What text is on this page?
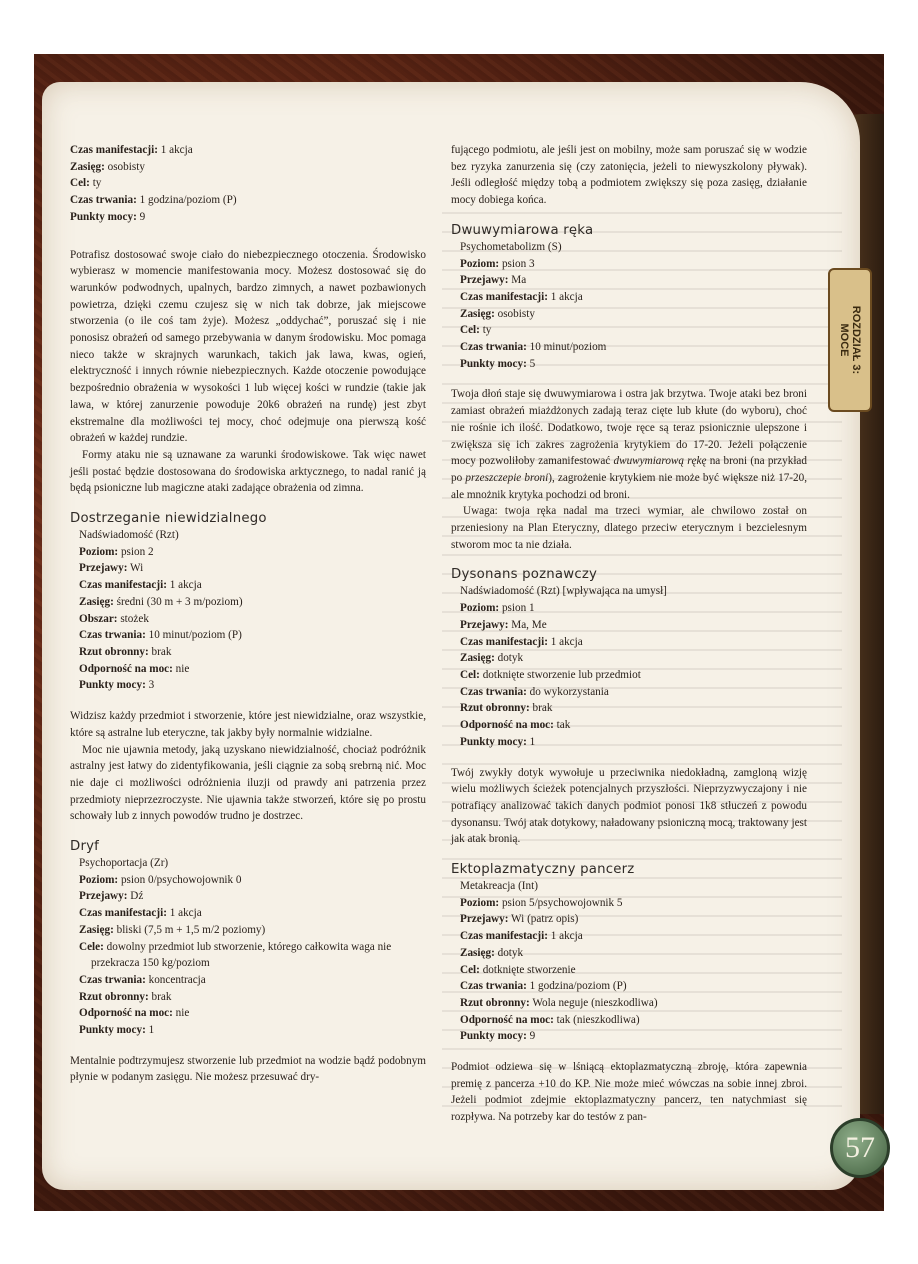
ROZDZIAŁ 3:
MOCE
57
Czas manifestacji: 1 akcja
Zasięg: osobisty
Cel: ty
Czas trwania: 1 godzina/poziom (P)
Punkty mocy: 9

Potrafisz dostosować swoje ciało do niebezpiecznego otoczenia. Środowisko wybierasz w momencie manifestowania mocy. Możesz dostosować się do warunków podwodnych, upalnych, bardzo zimnych, a nawet pozbawionych powietrza, dzięki czemu czujesz się w nich tak dobrze, jak miejscowe stworzenia (o ile coś tam żyje). Możesz „oddychać”, poruszać się i nie ponosisz obrażeń od samego przebywania w danym środowisku. Moc pomaga nieco także w skrajnych warunkach, takich jak lawa, kwas, ogień, elektryczność i innych równie niebezpiecznych. Każde otoczenie powodujące bezpośrednio obrażenia w wysokości 1 lub więcej kości w rundzie (takie jak lawa, w której zanurzenie powoduje 20k6 obrażeń na rundę) jest zbyt ekstremalne dla możliwości tej mocy, choć odejmuje ona pierwszą kość obrażeń w każdej rundzie.

Formy ataku nie są uznawane za warunki środowiskowe. Tak więc nawet jeśli postać będzie dostosowana do środowiska arktycznego, to nadal ranić ją będą psioniczne lub magiczne ataki zadające obrażenia od zimna.

Dostrzeganie niewidzialnego
Nadświadomość (Rzt)
Poziom: psion 2
Przejawy: Wi
Czas manifestacji: 1 akcja
Zasięg: średni (30 m + 3 m/poziom)
Obszar: stożek
Czas trwania: 10 minut/poziom (P)
Rzut obronny: brak
Odporność na moc: nie
Punkty mocy: 3

Widzisz każdy przedmiot i stworzenie, które jest niewidzialne, oraz wszystkie, które są astralne lub eteryczne, tak jakby były normalnie widzialne.

Moc nie ujawnia metody, jaką uzyskano niewidzialność, chociaż podróżnik astralny jest łatwy do zidentyfikowania, jeśli ciągnie za sobą srebrną nić. Moc nie daje ci możliwości odróżnienia iluzji od prawdy ani patrzenia przez przedmioty nieprzezroczyste. Nie ujawnia także stworzeń, które się po prostu schowały lub z innych powodów trudno je dostrzec.

Dryf
Psychoportacja (Zr)
Poziom: psion 0/psychowojownik 0
Przejawy: Dź
Czas manifestacji: 1 akcja
Zasięg: bliski (7,5 m + 1,5 m/2 poziomy)
Cele: dowolny przedmiot lub stworzenie, którego całkowita waga nie przekracza 150 kg/poziom
Czas trwania: koncentracja
Rzut obronny: brak
Odporność na moc: nie
Punkty mocy: 1

Mentalnie podtrzymujesz stworzenie lub przedmiot na wodzie bądź podobnym płynie w podanym zasięgu. Nie możesz przesuwać dry-

fującego podmiotu, ale jeśli jest on mobilny, może sam poruszać się w wodzie bez ryzyka zanurzenia się (czy zatonięcia, jeżeli to niewyszkolony pływak). Jeśli odległość między tobą a podmiotem zwiększy się poza zasięg, działanie mocy dobiega końca.

Dwuwymiarowa ręka
Psychometabolizm (S)
Poziom: psion 3
Przejawy: Ma
Czas manifestacji: 1 akcja
Zasięg: osobisty
Cel: ty
Czas trwania: 10 minut/poziom
Punkty mocy: 5

Twoja dłoń staje się dwuwymiarowa i ostra jak brzytwa. Twoje ataki bez broni zamiast obrażeń miażdżonych zadają teraz cięte lub kłute (do wyboru), choć nie rośnie ich ilość. Dodatkowo, twoje ręce są teraz psionicznie ulepszone i zwiększa się ich zakres zagrożenia krytykiem do 17-20. Jeżeli połączenie mocy pozwoliłoby zamanifestować dwuwymiarową rękę na broni (na przykład po przeszczepie broni), zagrożenie krytykiem nie może być większe niż 17-20, ale mnożnik krytyka pochodzi od broni.

Uwaga: twoja ręka nadal ma trzeci wymiar, ale chwilowo został on przeniesiony na Plan Eteryczny, dlatego przeciw eterycznym i bezcielesnym stworom moc ta nie działa.

Dysonans poznawczy
Nadświadomość (Rzt) [wpływająca na umysł]
Poziom: psion 1
Przejawy: Ma, Me
Czas manifestacji: 1 akcja
Zasięg: dotyk
Cel: dotknięte stworzenie lub przedmiot
Czas trwania: do wykorzystania
Rzut obronny: brak
Odporność na moc: tak
Punkty mocy: 1

Twój zwykły dotyk wywołuje u przeciwnika niedokładną, zamgloną wizję wielu możliwych ścieżek potencjalnych przyszłości. Nieprzyzwyczajony i nie potrafiący analizować takich danych podmiot ponosi 1k8 stłuczeń z powodu dysonansu. Twój atak dotykowy, naładowany psioniczną mocą, traktowany jest jak atak bronią.

Ektoplazmatyczny pancerz
Metakreacja (Int)
Poziom: psion 5/psychowojownik 5
Przejawy: Wi (patrz opis)
Czas manifestacji: 1 akcja
Zasięg: dotyk
Cel: dotknięte stworzenie
Czas trwania: 1 godzina/poziom (P)
Rzut obronny: Wola neguje (nieszkodliwa)
Odporność na moc: tak (nieszkodliwa)
Punkty mocy: 9

Podmiot odziewa się w lśniącą ektoplazmatyczną zbroję, która zapewnia premię z pancerza +10 do KP. Nie może mieć wówczas na sobie innej zbroi. Jeżeli podmiot zdejmie ektoplazmatyczny pancerz, ten natychmiast się rozpływa. Na potrzeby kar do testów z pan-
